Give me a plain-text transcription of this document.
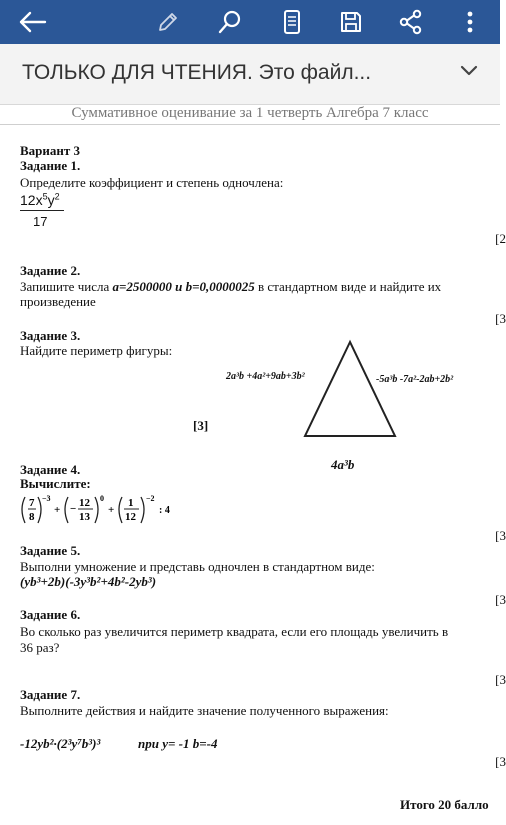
ТОЛЬКО ДЛЯ ЧТЕНИЯ. Это файл...
Суммативное оценивание за 1 четверть Алгебра 7 класс
Вариант 3
Задание 1.
Определите коэффициент и степень одночлена:
$12x^5y^2$
17
[2
Задание 2.
Запишите числа a=2500000 и b=0,0000025 в стандартном виде и найдите их
произведение
[3
Задание 3.
Найдите периметр фигуры:
2a³b +4a²+9ab+3b²	-5a³b -7a²-2ab+2b²
[3]
4a³b
Задание 4.
Вычислите:
7
8
−3
+ − 12
13
0
+
1
12
−2
: 4
[3
Задание 5.
Выполни умножение и представь одночлен в стандартном виде:
(yb³+2b)(-3y³b²+4b²-2yb³)
[3
Задание 6.
Во сколько раз увеличится периметр квадрата, если его площадь увеличить в
36 раз?
[3
Задание 7.
Выполните действия и найдите значение полученного выражения:
-12yb²·(2³y⁷b³)³	при y= -1 b=-4
[3
Итого 20 балло
